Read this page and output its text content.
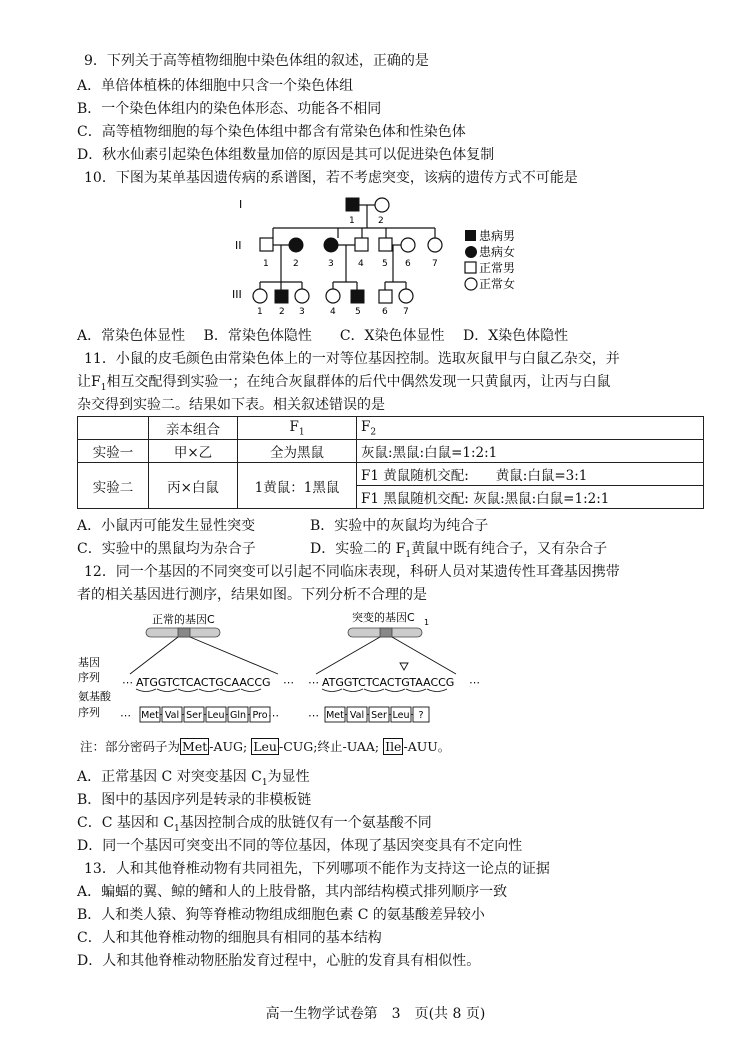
9．下列关于高等植物细胞中染色体组的叙述，正确的是
A．单倍体植株的体细胞中只含一个染色体组
B．一个染色体组内的染色体形态、功能各不相同
C．高等植物细胞的每个染色体组中都含有常染色体和性染色体
D．秋水仙素引起染色体组数量加倍的原因是其可以促进染色体复制
10．下图为某单基因遗传病的系谱图，若不考虑突变，该病的遗传方式不可能是
I
II
III
1	2
1	2	3	4 5 6 7
1 2 3	4 5 6 7
患病男
患病女
正常男
正常女
A．常染色体显性　 B．常染色体隐性　　C．X染色体显性　 D．X染色体隐性
11．小鼠的皮毛颜色由常染色体上的一对等位基因控制。选取灰鼠甲与白鼠乙杂交，并
让$F_1$相互交配得到实验一；在纯合灰鼠群体的后代中偶然发现一只黄鼠丙，让丙与白鼠
杂交得到实验二。结果如下表。相关叙述错误的是
	亲本组合	$F_1$	$F_2$
实验一	甲×乙	全为黑鼠	灰鼠:黑鼠:白鼠=1:2:1
实验二	丙×白鼠	1黄鼠：1黑鼠	F1 黄鼠随机交配:　　黄鼠:白鼠=3:1
			F1 黑鼠随机交配: 灰鼠:黑鼠:白鼠=1:2:1
A．小鼠丙可能发生显性突变	B．实验中的灰鼠均为纯合子
C．实验中的黑鼠均为杂合子	D．实验二的 $F_1$黄鼠中既有纯合子，又有杂合子
12．同一个基因的不同突变可以引起不同临床表现，科研人员对某遗传性耳聋基因携带
者的相关基因进行测序，结果如图。下列分析不合理的是
正常的基因C	突变的基因C 1
基因
序列
氨基酸
序列
⋯ ATGGTCTCACTGCAACCG ⋯ ⋯ ATGGTCTCACTGTAACCG ⋯
⋯ Met Val Ser Leu Gln Pro ⋯	⋯ Met Val Ser Leu ?
注：部分密码子为 Met -AUG; Leu -CUG;终止-UAA; Ile -AUU。
A．正常基因 C 对突变基因 $C_1$为显性
B．图中的基因序列是转录的非模板链
C．C 基因和 $C_1$基因控制合成的肽链仅有一个氨基酸不同
D．同一个基因可突变出不同的等位基因，体现了基因突变具有不定向性
13．人和其他脊椎动物有共同祖先，下列哪项不能作为支持这一论点的证据
A．蝙蝠的翼、鲸的鳍和人的上肢骨骼，其内部结构模式排列顺序一致
B．人和类人猿、狗等脊椎动物组成细胞色素 C 的氨基酸差异较小
C．人和其他脊椎动物的细胞具有相同的基本结构
D．人和其他脊椎动物胚胎发育过程中，心脏的发育具有相似性。
高一生物学试卷第　3　页(共 8 页)
